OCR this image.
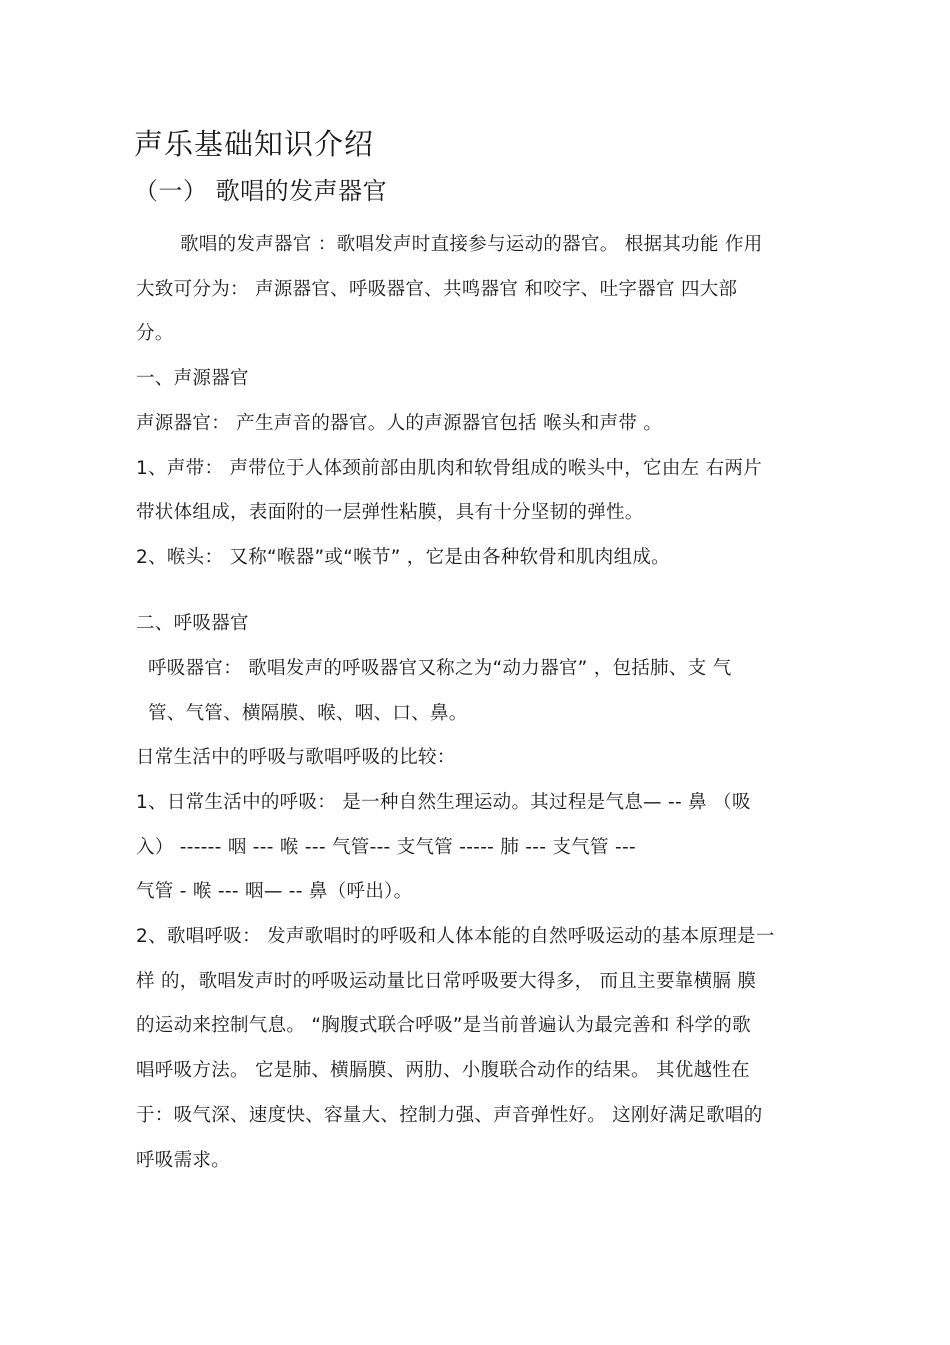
声乐基础知识介绍
（一） 歌唱的发声器官
歌唱的发声器官 ：歌唱发声时直接参与运动的器官。 根据其功能 作用
大致可分为： 声源器官、呼吸器官、共鸣器官 和咬字、吐字器官 四大部
分。
一、声源器官
声源器官： 产生声音的器官。人的声源器官包括 喉头和声带 。
1、声带： 声带位于人体颈前部由肌肉和软骨组成的喉头中，它由左 右两片
带状体组成，表面附的一层弹性粘膜，具有十分坚韧的弹性。
2、喉头： 又称“喉器”或“喉节” ，它是由各种软骨和肌肉组成。
二、呼吸器官
呼吸器官： 歌唱发声的呼吸器官又称之为“动力器官” ，包括肺、支 气
管、气管、横隔膜、喉、咽、口、鼻。
日常生活中的呼吸与歌唱呼吸的比较：
1、日常生活中的呼吸： 是一种自然生理运动。其过程是气息— -- 鼻 （吸
入） ------ 咽 --- 喉 --- 气管--- 支气管 ----- 肺 --- 支气管 ---
气管 - 喉 --- 咽— -- 鼻（呼出）。
2、歌唱呼吸： 发声歌唱时的呼吸和人体本能的自然呼吸运动的基本原理是一
样 的，歌唱发声时的呼吸运动量比日常呼吸要大得多， 而且主要靠横膈 膜
的运动来控制气息。 “胸腹式联合呼吸”是当前普遍认为最完善和 科学的歌
唱呼吸方法。 它是肺、横膈膜、两肋、小腹联合动作的结果。 其优越性在
于：吸气深、速度快、容量大、控制力强、声音弹性好。 这刚好满足歌唱的
呼吸需求。
